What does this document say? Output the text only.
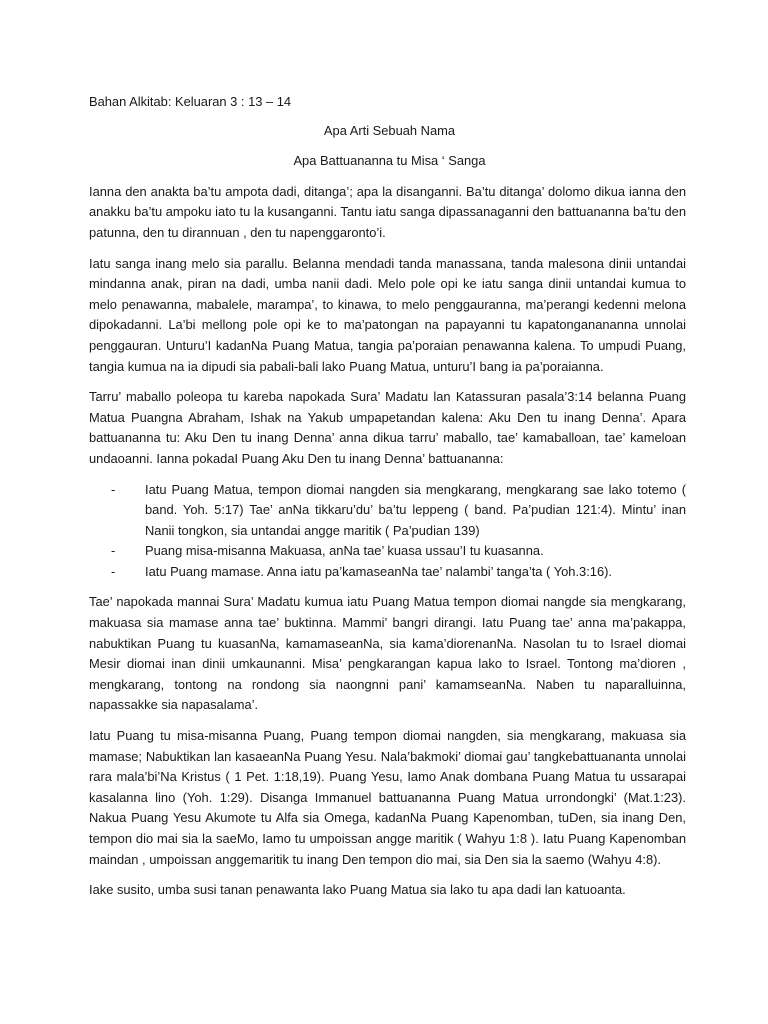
Bahan Alkitab: Keluaran 3 : 13 – 14

Apa Arti Sebuah Nama

Apa Battuananna tu Misa ‘ Sanga

Ianna den anakta ba’tu ampota dadi, ditanga’; apa la disanganni. Ba’tu ditanga’ dolomo dikua ianna den anakku ba’tu ampoku iato tu la kusanganni. Tantu iatu sanga dipassanaganni den battuananna ba’tu den patunna, den tu dirannuan , den tu napenggaronto’i.

Iatu sanga inang melo sia parallu. Belanna mendadi tanda manassana, tanda malesona dinii untandai mindanna anak, piran na dadi, umba nanii dadi. Melo pole opi ke iatu sanga dinii untandai kumua to melo penawanna, mabalele, marampa’, to kinawa, to melo penggauranna, ma’perangi kedenni melona dipokadanni. La’bi mellong pole opi ke to ma’patongan na papayanni tu kapatonganananna unnolai penggauran. Unturu’I kadanNa Puang Matua, tangia pa’poraian penawanna kalena. To umpudi Puang, tangia kumua na ia dipudi sia pabali-bali lako Puang Matua, unturu’I bang ia pa’poraianna.

Tarru’ maballo poleopa tu kareba napokada Sura’ Madatu lan Katassuran pasala’3:14 belanna Puang Matua Puangna Abraham, Ishak na Yakub umpapetandan kalena: Aku Den tu inang Denna’. Apara battuananna tu: Aku Den tu inang Denna’ anna dikua tarru’ maballo, tae’ kamaballoan, tae’ kameloan undaoanni. Ianna pokadaI Puang Aku Den tu inang Denna’ battuananna:

- Iatu Puang Matua, tempon diomai nangden sia mengkarang, mengkarang sae lako totemo ( band. Yoh. 5:17) Tae’ anNa tikkaru’du’ ba’tu leppeng ( band. Pa’pudian 121:4). Mintu’ inan Nanii tongkon, sia untandai angge maritik ( Pa’pudian 139)
- Puang misa-misanna Makuasa, anNa tae’ kuasa ussau’I tu kuasanna.
- Iatu Puang mamase. Anna iatu pa’kamaseanNa tae’ nalambi’ tanga’ta ( Yoh.3:16).

Tae’ napokada mannai Sura’ Madatu kumua iatu Puang Matua tempon diomai nangde sia mengkarang, makuasa sia mamase anna tae’ buktinna. Mammi’ bangri dirangi. Iatu Puang tae’ anna ma’pakappa, nabuktikan Puang tu kuasanNa, kamamaseanNa, sia kama’diorenanNa. Nasolan tu to Israel diomai Mesir diomai inan dinii umkaunanni. Misa’ pengkarangan kapua lako to Israel. Tontong ma’dioren , mengkarang, tontong na rondong sia naongnni pani’ kamamseanNa. Naben tu naparalluinna, napassakke sia napasalama’.

Iatu Puang tu misa-misanna Puang, Puang tempon diomai nangden, sia mengkarang, makuasa sia mamase; Nabuktikan lan kasaeanNa Puang Yesu. Nala’bakmoki’ diomai gau’ tangkebattuananta unnolai rara mala’bi’Na Kristus ( 1 Pet. 1:18,19). Puang Yesu, Iamo Anak dombana Puang Matua tu ussarapai kasalanna lino (Yoh. 1:29). Disanga Immanuel battuananna Puang Matua urrondongki’ (Mat.1:23). Nakua Puang Yesu Akumote tu Alfa sia Omega, kadanNa Puang Kapenomban, tuDen, sia inang Den, tempon dio mai sia la saeMo, Iamo tu umpoissan angge maritik ( Wahyu 1:8 ). Iatu Puang Kapenomban maindan , umpoissan anggemaritik tu inang Den tempon dio mai, sia Den sia la saemo (Wahyu 4:8).

Iake susito, umba susi tanan penawanta lako Puang Matua sia lako tu apa dadi lan katuoanta.
